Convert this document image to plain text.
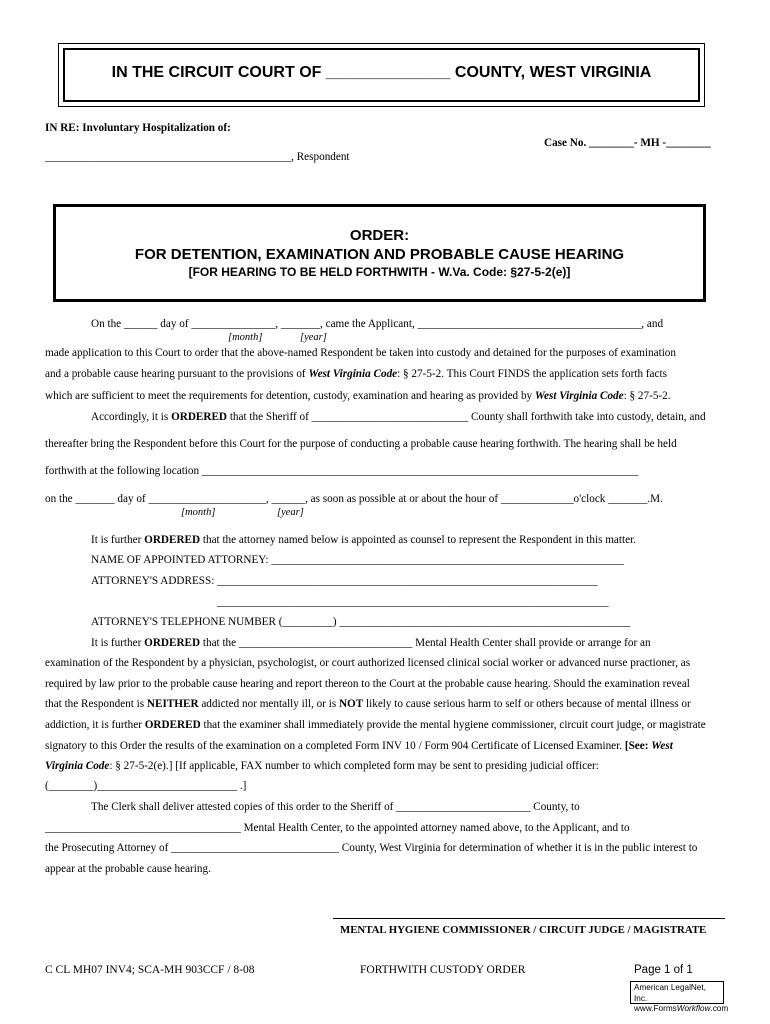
IN THE CIRCUIT COURT OF ______________ COUNTY, WEST VIRGINIA
IN RE: Involuntary Hospitalization of:
Case No. ________- MH -________
____________________________________________, Respondent
ORDER:
FOR DETENTION, EXAMINATION AND PROBABLE CAUSE HEARING
[FOR HEARING TO BE HELD FORTHWITH - W.Va. Code: §27-5-2(e)]
On the ______ day of _______________, _______, came the Applicant, ________________________________________, and
[month]	[year]
made application to this Court to order that the above-named Respondent be taken into custody and detained for the purposes of examination
and a probable cause hearing pursuant to the provisions of West Virginia Code: § 27-5-2. This Court FINDS the application sets forth facts
which are sufficient to meet the requirements for detention, custody, examination and hearing as provided by West Virginia Code: § 27-5-2.
Accordingly, it is ORDERED that the Sheriff of ____________________________ County shall forthwith take into custody, detain, and
thereafter bring the Respondent before this Court for the purpose of conducting a probable cause hearing forthwith. The hearing shall be held
forthwith at the following location ______________________________________________________________________________
on the _______ day of _____________________, ______, as soon as possible at or about the hour of _____________o'clock _______.M.
[month]	[year]
It is further ORDERED that the attorney named below is appointed as counsel to represent the Respondent in this matter.
NAME OF APPOINTED ATTORNEY: _______________________________________________________________
ATTORNEY'S ADDRESS: ____________________________________________________________________
______________________________________________________________________
ATTORNEY'S TELEPHONE NUMBER (_________) ____________________________________________________
It is further ORDERED that the _______________________________ Mental Health Center shall provide or arrange for an
examination of the Respondent by a physician, psychologist, or court authorized licensed clinical social worker or advanced nurse practioner, as
required by law prior to the probable cause hearing and report thereon to the Court at the probable cause hearing. Should the examination reveal
that the Respondent is NEITHER addicted nor mentally ill, or is NOT likely to cause serious harm to self or others because of mental illness or
addiction, it is further ORDERED that the examiner shall immediately provide the mental hygiene commissioner, circuit court judge, or magistrate
signatory to this Order the results of the examination on a completed Form INV 10 / Form 904 Certificate of Licensed Examiner. [See: West
Virginia Code: § 27-5-2(e).] [If applicable, FAX number to which completed form may be sent to presiding judicial officer:
(________)_________________________ .]
The Clerk shall deliver attested copies of this order to the Sheriff of ________________________ County, to
___________________________________ Mental Health Center, to the appointed attorney named above, to the Applicant, and to
the Prosecuting Attorney of ______________________________ County, West Virginia for determination of whether it is in the public interest to
appear at the probable cause hearing.
MENTAL HYGIENE COMMISSIONER / CIRCUIT JUDGE / MAGISTRATE
C CL MH07 INV4; SCA-MH 903CCF / 8-08	FORTHWITH CUSTODY ORDER	Page 1 of 1
American LegalNet, Inc.
www.FormsWorkflow.com
